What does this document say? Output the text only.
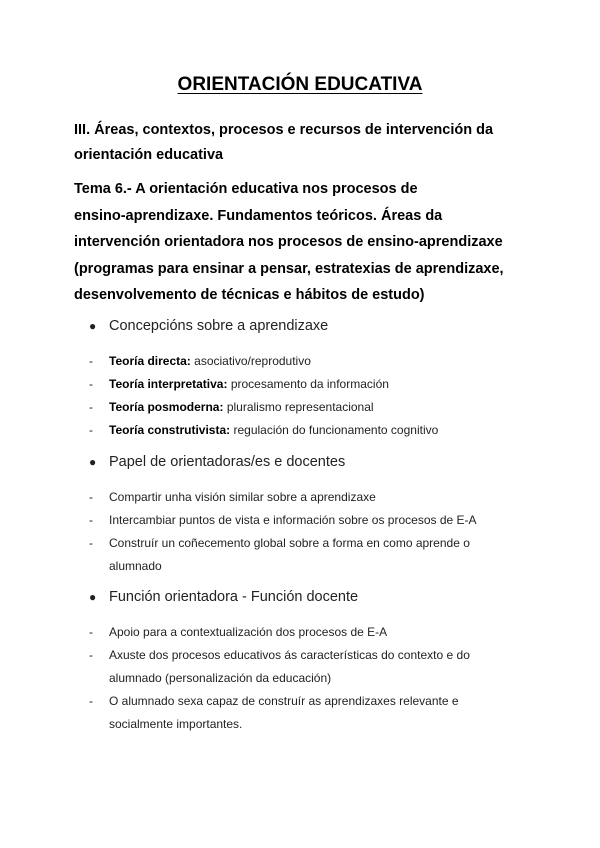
ORIENTACIÓN EDUCATIVA
III. Áreas, contextos, procesos e recursos de intervención da
orientación educativa
Tema 6.- A orientación educativa nos procesos de
ensino-aprendizaxe. Fundamentos teóricos. Áreas da
intervención orientadora nos procesos de ensino-aprendizaxe
(programas para ensinar a pensar, estratexias de aprendizaxe,
desenvolvemento de técnicas e hábitos de estudo)
● Concepcións sobre a aprendizaxe
- Teoría directa: asociativo/reprodutivo
- Teoría interpretativa: procesamento da información
- Teoría posmoderna: pluralismo representacional
- Teoría construtivista: regulación do funcionamento cognitivo
● Papel de orientadoras/es e docentes
- Compartir unha visión similar sobre a aprendizaxe
- Intercambiar puntos de vista e información sobre os procesos de E-A
- Construír un coñecemento global sobre a forma en como aprende o
alumnado
● Función orientadora - Función docente
- Apoio para a contextualización dos procesos de E-A
- Axuste dos procesos educativos ás características do contexto e do
alumnado (personalización da educación)
- O alumnado sexa capaz de construír as aprendizaxes relevante e
socialmente importantes.
